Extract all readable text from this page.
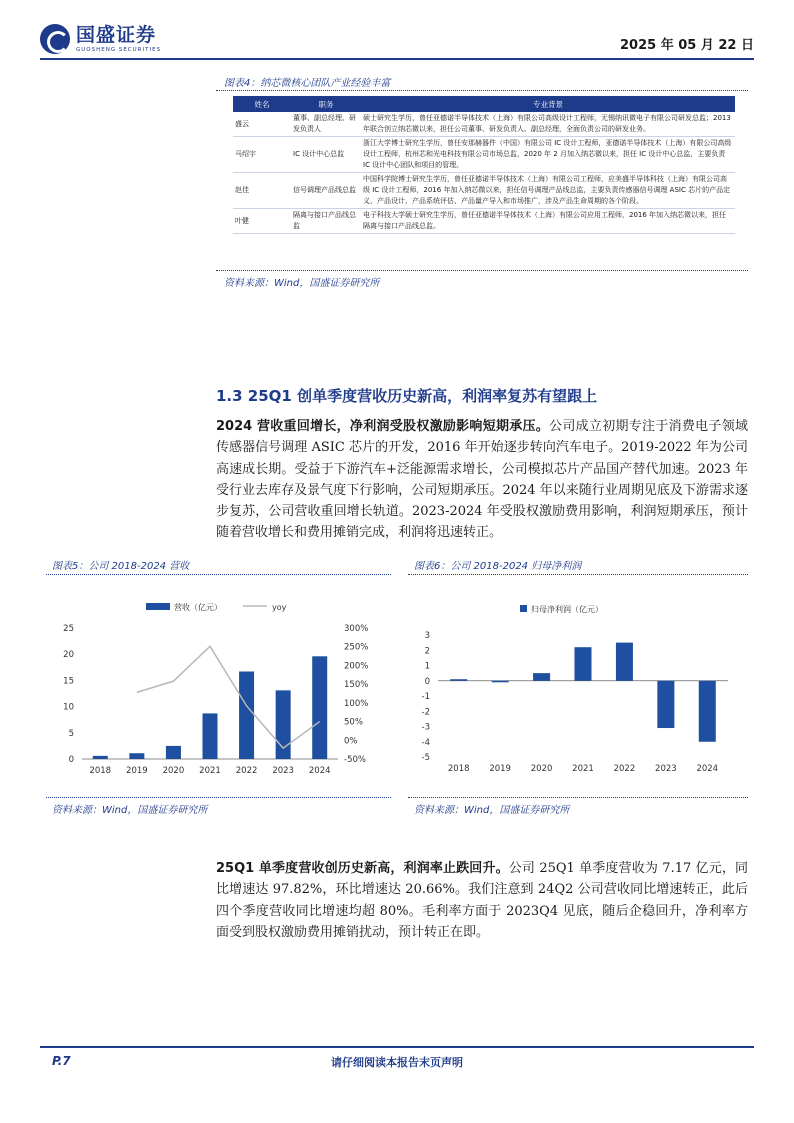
国盛证券
GUOSHENG SECURITIES	2025 年 05 月 22 日
图表4：纳芯微核心团队产业经验丰富
姓名	职务	专业背景
盛云	董事、副总经理、研发负责人	硕士研究生学历，曾任亚德诺半导体技术（上海）有限公司高级设计工程师，无锡纳讯微电子有限公司研发总监；2013 年联合创立纳芯微以来，担任公司董事、研发负责人、副总经理，全面负责公司的研发业务。
马绍宇	IC 设计中心总监	浙江大学博士研究生学历，曾任安那赫器件（中国）有限公司 IC 设计工程师，亚德诺半导体技术（上海）有限公司高级设计工程师，杭州芯和光电科技有限公司市场总监，2020 年 2 月加入纳芯微以来，担任 IC 设计中心总监，主要负责 IC 设计中心团队和项目的管理。
赵佳	信号调理产品线总监	中国科学院博士研究生学历，曾任亚德诺半导体技术（上海）有限公司工程师，应美盛半导体科技（上海）有限公司高级 IC 设计工程师，2016 年加入纳芯微以来，担任信号调理产品线总监，主要负责传感器信号调理 ASIC 芯片的产品定义、产品设计、产品系统评估、产品量产导入和市场推广，涉及产品生命周期的各个阶段。
叶健	隔离与接口产品线总监	电子科技大学硕士研究生学历，曾任亚德诺半导体技术（上海）有限公司应用工程师，2016 年加入纳芯微以来，担任隔离与接口产品线总监。
资料来源：Wind，国盛证券研究所
1.3 25Q1 创单季度营收历史新高，利润率复苏有望跟上
2024 营收重回增长，净利润受股权激励影响短期承压。公司成立初期专注于消费电子领域传感器信号调理 ASIC 芯片的开发，2016 年开始逐步转向汽车电子。2019-2022 年为公司高速成长期。受益于下游汽车+泛能源需求增长，公司模拟芯片产品国产替代加速。2023 年受行业去库存及景气度下行影响，公司短期承压。2024 年以来随行业周期见底及下游需求逐步复苏，公司营收重回增长轨道。2023-2024 年受股权激励费用影响，利润短期承压，预计随着营收增长和费用摊销完成，利润将迅速转正。
图表5：公司 2018-2024 营收
营收（亿元）	yoy
0
5
10
15
20
25
-50%
0%
50%
100%
150%
200%
250%
300%
2018 2019 2020 2021 2022 2023 2024
资料来源：Wind，国盛证券研究所
图表6：公司 2018-2024 归母净利润
归母净利润（亿元）
-5
-4
-3
-2
-1
0
1
2
3
2018 2019 2020 2021 2022 2023 2024
资料来源：Wind，国盛证券研究所
25Q1 单季度营收创历史新高，利润率止跌回升。公司 25Q1 单季度营收为 7.17 亿元，同比增速达 97.82%，环比增速达 20.66%。我们注意到 24Q2 公司营收同比增速转正，此后四个季度营收同比增速均超 80%。毛利率方面于 2023Q4 见底，随后企稳回升，净利率方面受到股权激励费用摊销扰动，预计转正在即。
P.7	请仔细阅读本报告末页声明
